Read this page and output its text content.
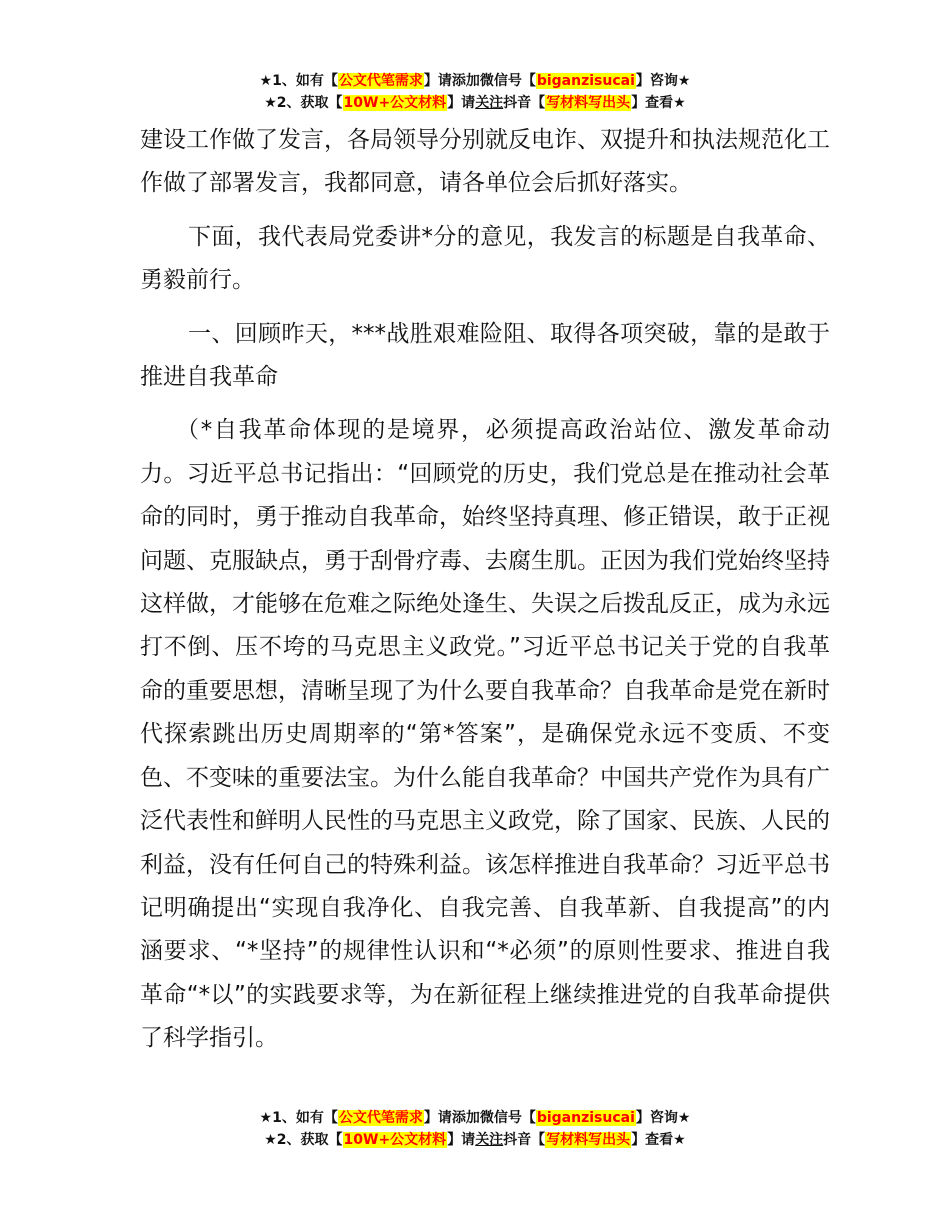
★1、如有【公文代笔需求】请添加微信号【biganzisucai】咨询★
★2、获取【10W+公文材料】请关注抖音【写材料写出头】查看★

建设工作做了发言，各局领导分别就反电诈、双提升和执法规范化工作做了部署发言，我都同意，请各单位会后抓好落实。

下面，我代表局党委讲*分的意见，我发言的标题是自我革命、勇毅前行。

一、回顾昨天，***战胜艰难险阻、取得各项突破，靠的是敢于推进自我革命

（*自我革命体现的是境界，必须提高政治站位、激发革命动力。习近平总书记指出：“回顾党的历史，我们党总是在推动社会革命的同时，勇于推动自我革命，始终坚持真理、修正错误，敢于正视问题、克服缺点，勇于刮骨疗毒、去腐生肌。正因为我们党始终坚持这样做，才能够在危难之际绝处逢生、失误之后拨乱反正，成为永远打不倒、压不垮的马克思主义政党。”习近平总书记关于党的自我革命的重要思想，清晰呈现了为什么要自我革命？自我革命是党在新时代探索跳出历史周期率的“第*答案”，是确保党永远不变质、不变色、不变味的重要法宝。为什么能自我革命？中国共产党作为具有广泛代表性和鲜明人民性的马克思主义政党，除了国家、民族、人民的利益，没有任何自己的特殊利益。该怎样推进自我革命？习近平总书记明确提出“实现自我净化、自我完善、自我革新、自我提高”的内涵要求、“*坚持”的规律性认识和“*必须”的原则性要求、推进自我革命“*以”的实践要求等，为在新征程上继续推进党的自我革命提供了科学指引。

★1、如有【公文代笔需求】请添加微信号【biganzisucai】咨询★
★2、获取【10W+公文材料】请关注抖音【写材料写出头】查看★
